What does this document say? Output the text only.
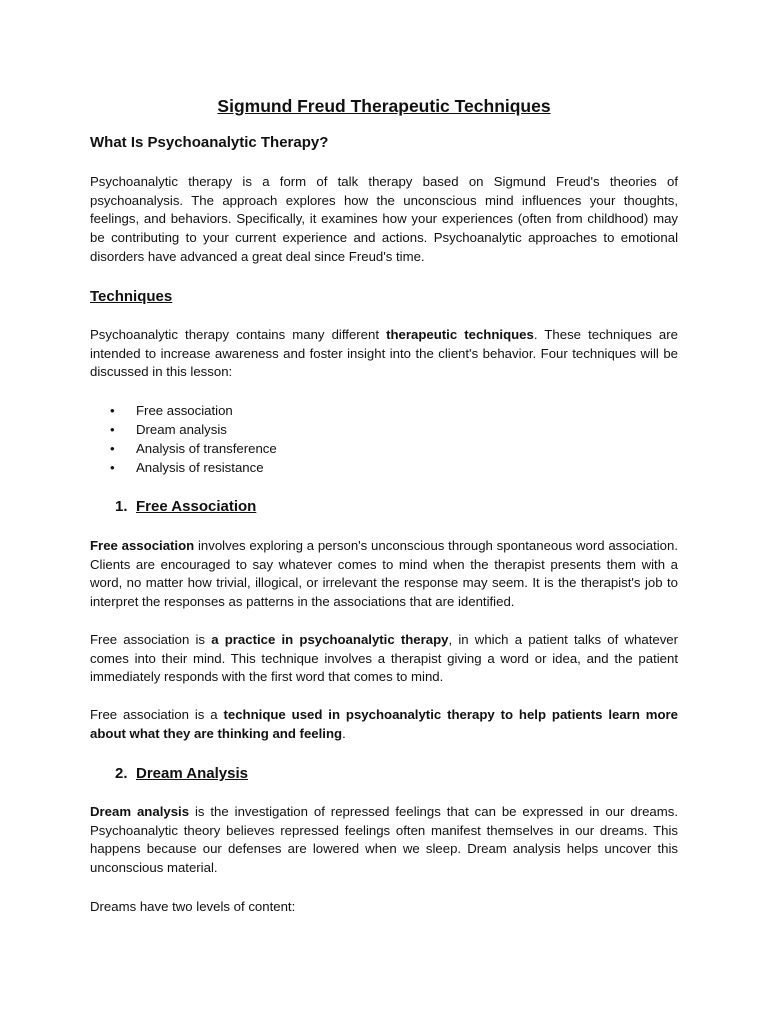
Sigmund Freud Therapeutic Techniques
What Is Psychoanalytic Therapy?

Psychoanalytic therapy is a form of talk therapy based on Sigmund Freud's theories of psychoanalysis. The approach explores how the unconscious mind influences your thoughts, feelings, and behaviors. Specifically, it examines how your experiences (often from childhood) may be contributing to your current experience and actions. Psychoanalytic approaches to emotional disorders have advanced a great deal since Freud's time.

Techniques

Psychoanalytic therapy contains many different therapeutic techniques. These techniques are intended to increase awareness and foster insight into the client's behavior. Four techniques will be discussed in this lesson:

• Free association
• Dream analysis
• Analysis of transference
• Analysis of resistance
1. Free Association

Free association involves exploring a person's unconscious through spontaneous word association. Clients are encouraged to say whatever comes to mind when the therapist presents them with a word, no matter how trivial, illogical, or irrelevant the response may seem. It is the therapist's job to interpret the responses as patterns in the associations that are identified.

Free association is a practice in psychoanalytic therapy, in which a patient talks of whatever comes into their mind. This technique involves a therapist giving a word or idea, and the patient immediately responds with the first word that comes to mind.

Free association is a technique used in psychoanalytic therapy to help patients learn more about what they are thinking and feeling.

2. Dream Analysis

Dream analysis is the investigation of repressed feelings that can be expressed in our dreams. Psychoanalytic theory believes repressed feelings often manifest themselves in our dreams. This happens because our defenses are lowered when we sleep. Dream analysis helps uncover this unconscious material.

Dreams have two levels of content:
